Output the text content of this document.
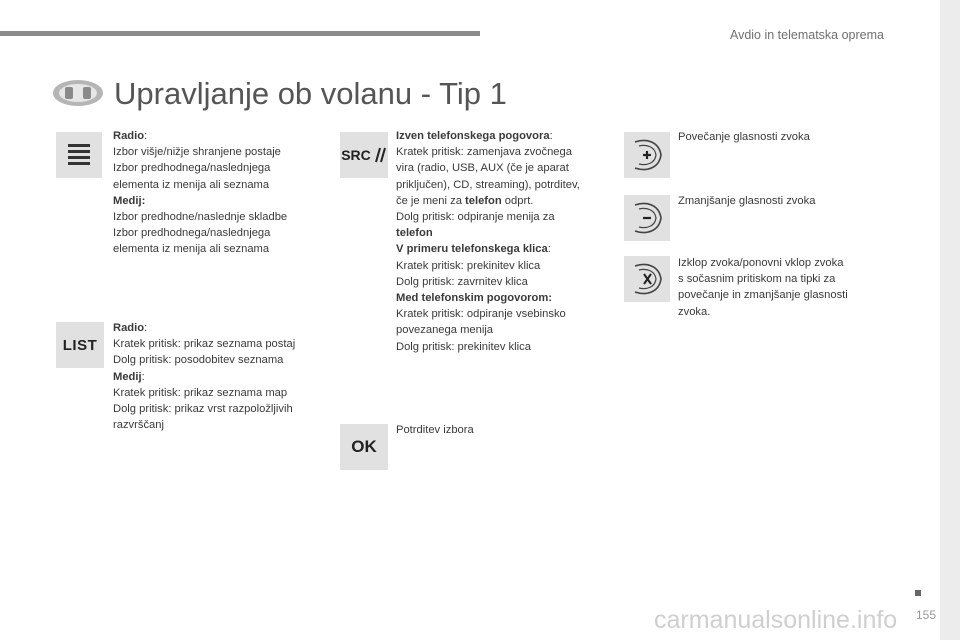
Avdio in telematska oprema
Upravljanje ob volanu - Tip 1
Radio:
Izbor višje/nižje shranjene postaje
Izbor predhodnega/naslednjega
elementa iz menija ali seznama
Medij:
Izbor predhodne/naslednje skladbe
Izbor predhodnega/naslednjega
elementa iz menija ali seznama
LIST
Radio:
Kratek pritisk: prikaz seznama postaj
Dolg pritisk: posodobitev seznama
Medij:
Kratek pritisk: prikaz seznama map
Dolg pritisk: prikaz vrst razpoložljivih
razvrščanj
SRC
Izven telefonskega pogovora:
Kratek pritisk: zamenjava zvočnega
vira (radio, USB, AUX (če je aparat
priključen), CD, streaming), potrditev,
če je meni za telefon odprt.
Dolg pritisk: odpiranje menija za
telefon
V primeru telefonskega klica:
Kratek pritisk: prekinitev klica
Dolg pritisk: zavrnitev klica
Med telefonskim pogovorom:
Kratek pritisk: odpiranje vsebinsko
povezanega menija
Dolg pritisk: prekinitev klica
OK
Potrditev izbora
Povečanje glasnosti zvoka
Zmanjšanje glasnosti zvoka
Izklop zvoka/ponovni vklop zvoka
s sočasnim pritiskom na tipki za
povečanje in zmanjšanje glasnosti
zvoka.
carmanualsonline.info 155
